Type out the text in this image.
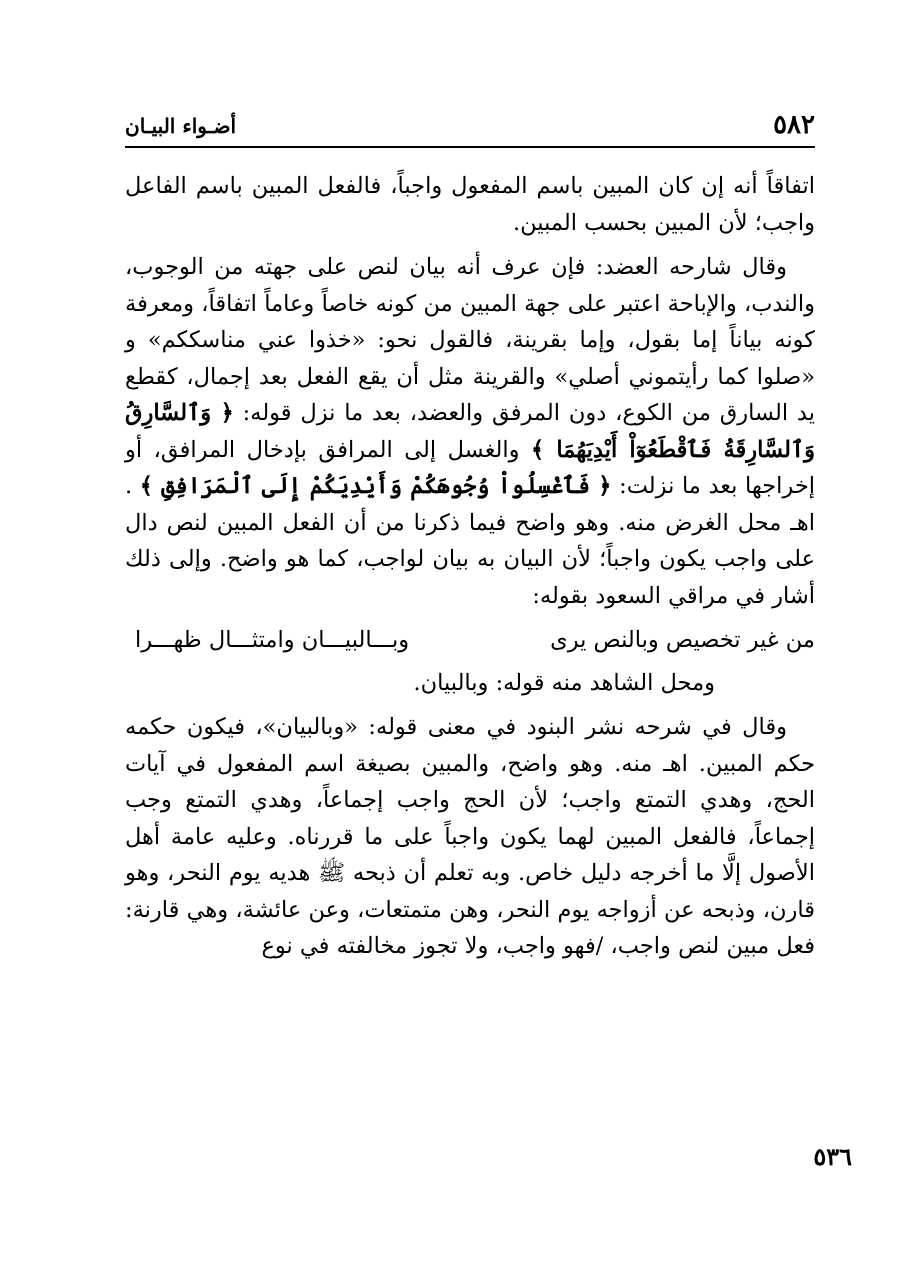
٥٨٢
أضـواء البيـان

اتفاقاً أنه إن كان المبين باسم المفعول واجباً، فالفعل المبين باسم الفاعل واجب؛ لأن المبين بحسب المبين.

وقال شارحه العضد: فإن عرف أنه بيان لنص على جهته من الوجوب، والندب، والإباحة اعتبر على جهة المبين من كونه خاصاً وعاماً اتفاقاً، ومعرفة كونه بياناً إما بقول، وإما بقرينة، فالقول نحو: «خذوا عني مناسككم» و «صلوا كما رأيتموني أصلي» والقرينة مثل أن يقع الفعل بعد إجمال، كقطع يد السارق من الكوع، دون المرفق والعضد، بعد ما نزل قوله: ﴿ وَٱلسَّارِقُ وَٱلسَّارِقَةُ فَٱقْطَعُوٓاْ أَيْدِيَهُمَا ﴾ والغسل إلى المرافق بإدخال المرافق، أو إخراجها بعد ما نزلت: ﴿ فَٱغْسِلُواْ وُجُوهَكُمْ وَأَيْدِيَكُمْ إِلَى ٱلْمَرَافِقِ ﴾ . اهـ محل الغرض منه. وهو واضح فيما ذكرنا من أن الفعل المبين لنص دال على واجب يكون واجباً؛ لأن البيان به بيان لواجب، كما هو واضح. وإلى ذلك أشار في مراقي السعود بقوله:

من غير تخصيص وبالنص يرى
وبـــالبيـــان وامتثـــال ظهـــرا

ومحل الشاهد منه قوله: وبالبيان.

وقال في شرحه نشر البنود في معنى قوله: «وبالبيان»، فيكون حكمه حكم المبين. اهـ منه. وهو واضح، والمبين بصيغة اسم المفعول في آيات الحج، وهدي التمتع واجب؛ لأن الحج واجب إجماعاً، وهدي التمتع وجب إجماعاً، فالفعل المبين لهما يكون واجباً على ما قررناه. وعليه عامة أهل الأصول إلَّا ما أخرجه دليل خاص. وبه تعلم أن ذبحه ﷺ هديه يوم النحر، وهو قارن، وذبحه عن أزواجه يوم النحر، وهن متمتعات، وعن عائشة، وهي قارنة: فعل مبين لنص واجب، /فهو واجب، ولا تجوز مخالفته في نوع

٥٣٦
